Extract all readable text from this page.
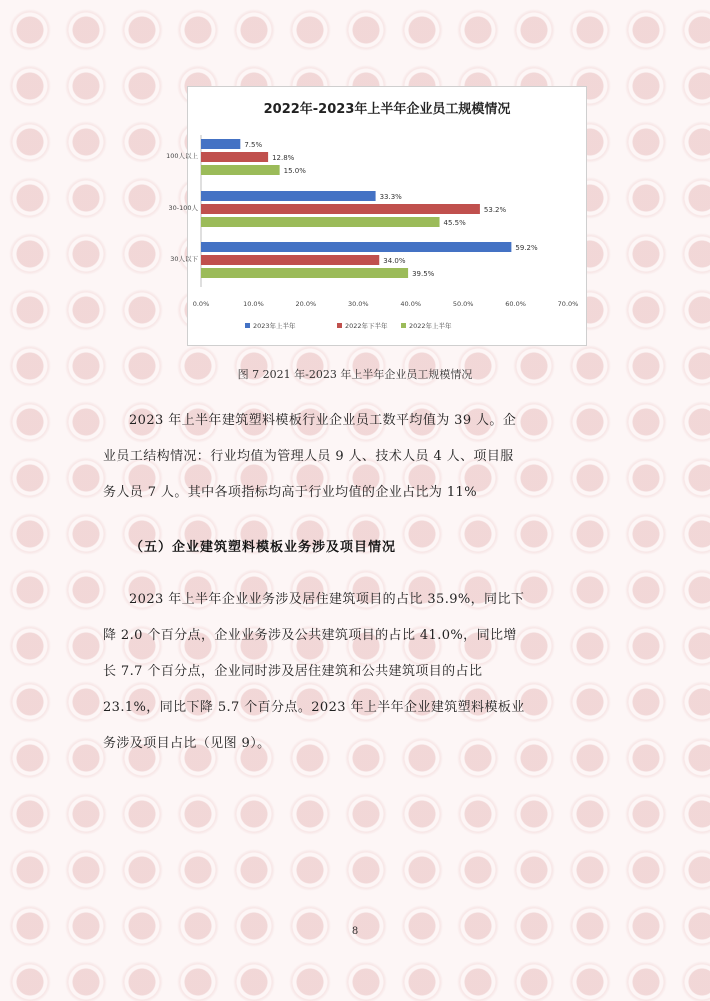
2022年-2023年上半年企业员工规模情况
100人以上
7.5%
12.8%
15.0%
30-100人
33.3%
53.2%
45.5%
30人以下
59.2%
34.0%
39.5%
0.0%	10.0%	20.0%	30.0%	40.0%	50.0%	60.0%	70.0%
2023年上半年	2022年下半年	2022年上半年
图 7 2021 年-2023 年上半年企业员工规模情况
2023 年上半年建筑塑料模板行业企业员工数平均值为 39 人。企
业员工结构情况：行业均值为管理人员 9 人、技术人员 4 人、项目服
务人员 7 人。其中各项指标均高于行业均值的企业占比为 11%
（五）企业建筑塑料模板业务涉及项目情况
2023 年上半年企业业务涉及居住建筑项目的占比 35.9%，同比下
降 2.0 个百分点，企业业务涉及公共建筑项目的占比 41.0%，同比增
长 7.7 个百分点，企业同时涉及居住建筑和公共建筑项目的占比
23.1%，同比下降 5.7 个百分点。2023 年上半年企业建筑塑料模板业
务涉及项目占比（见图 9）。
8
